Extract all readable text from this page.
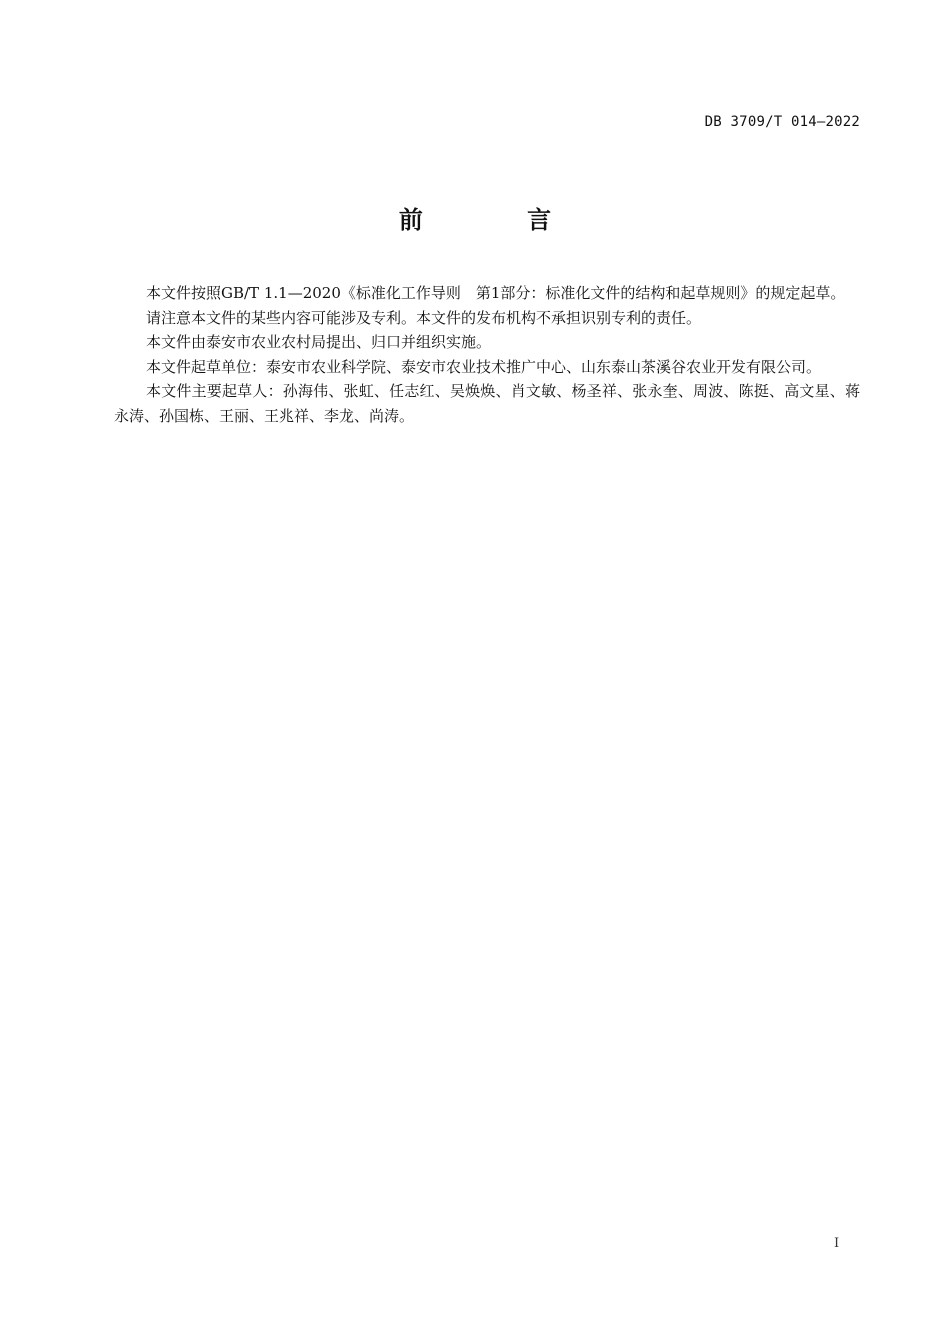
DB 3709/T 014—2022
前 言

本文件按照GB/T 1.1—2020《标准化工作导则　第1部分：标准化文件的结构和起草规则》的规定起草。

请注意本文件的某些内容可能涉及专利。本文件的发布机构不承担识别专利的责任。

本文件由泰安市农业农村局提出、归口并组织实施。

本文件起草单位：泰安市农业科学院、泰安市农业技术推广中心、山东泰山茶溪谷农业开发有限公司。

本文件主要起草人：孙海伟、张虹、任志红、吴焕焕、肖文敏、杨圣祥、张永奎、周波、陈挺、高文星、蒋永涛、孙国栋、王丽、王兆祥、李龙、尚涛。

I
